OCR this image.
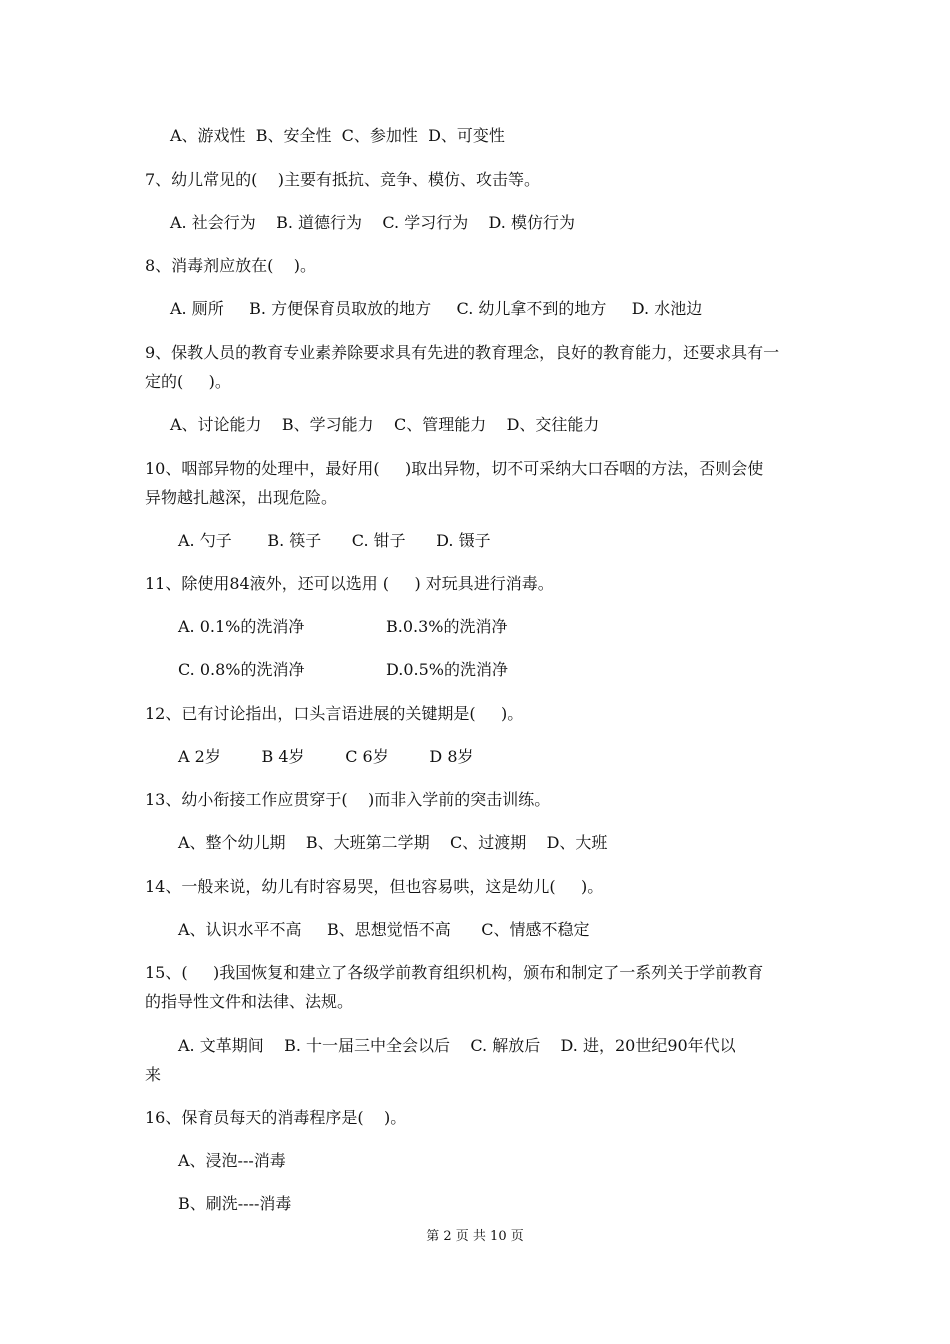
A、游戏性  B、安全性  C、参加性  D、可变性
7、幼儿常见的(    )主要有抵抗、竞争、模仿、攻击等。
A. 社会行为    B. 道德行为    C. 学习行为    D. 模仿行为
8、消毒剂应放在(    )。
A. 厕所     B. 方便保育员取放的地方     C. 幼儿拿不到的地方     D. 水池边
9、保教人员的教育专业素养除要求具有先进的教育理念，良好的教育能力，还要求具有一
定的(     )。
A、讨论能力    B、学习能力    C、管理能力    D、交往能力
10、咽部异物的处理中，最好用(     )取出异物，切不可采纳大口吞咽的方法，否则会使
异物越扎越深，出现危险。
A. 勺子       B. 筷子      C. 钳子      D. 镊子
11、除使用84液外，还可以选用 (     ) 对玩具进行消毒。
A. 0.1%的洗消净	B.0.3%的洗消净
C. 0.8%的洗消净	D.0.5%的洗消净
12、已有讨论指出，口头言语进展的关键期是(     )。
A 2岁        B 4岁        C 6岁        D 8岁
13、幼小衔接工作应贯穿于(    )而非入学前的突击训练。
A、整个幼儿期    B、大班第二学期    C、过渡期    D、大班
14、一般来说，幼儿有时容易哭，但也容易哄，这是幼儿(     )。
A、认识水平不高     B、思想觉悟不高      C、情感不稳定
15、(     )我国恢复和建立了各级学前教育组织机构，颁布和制定了一系列关于学前教育
的指导性文件和法律、法规。
A. 文革期间    B. 十一届三中全会以后    C. 解放后    D. 进，20世纪90年代以
来
16、保育员每天的消毒程序是(    )。
A、浸泡---消毒
B、刷洗----消毒
第 2 页 共 10 页
